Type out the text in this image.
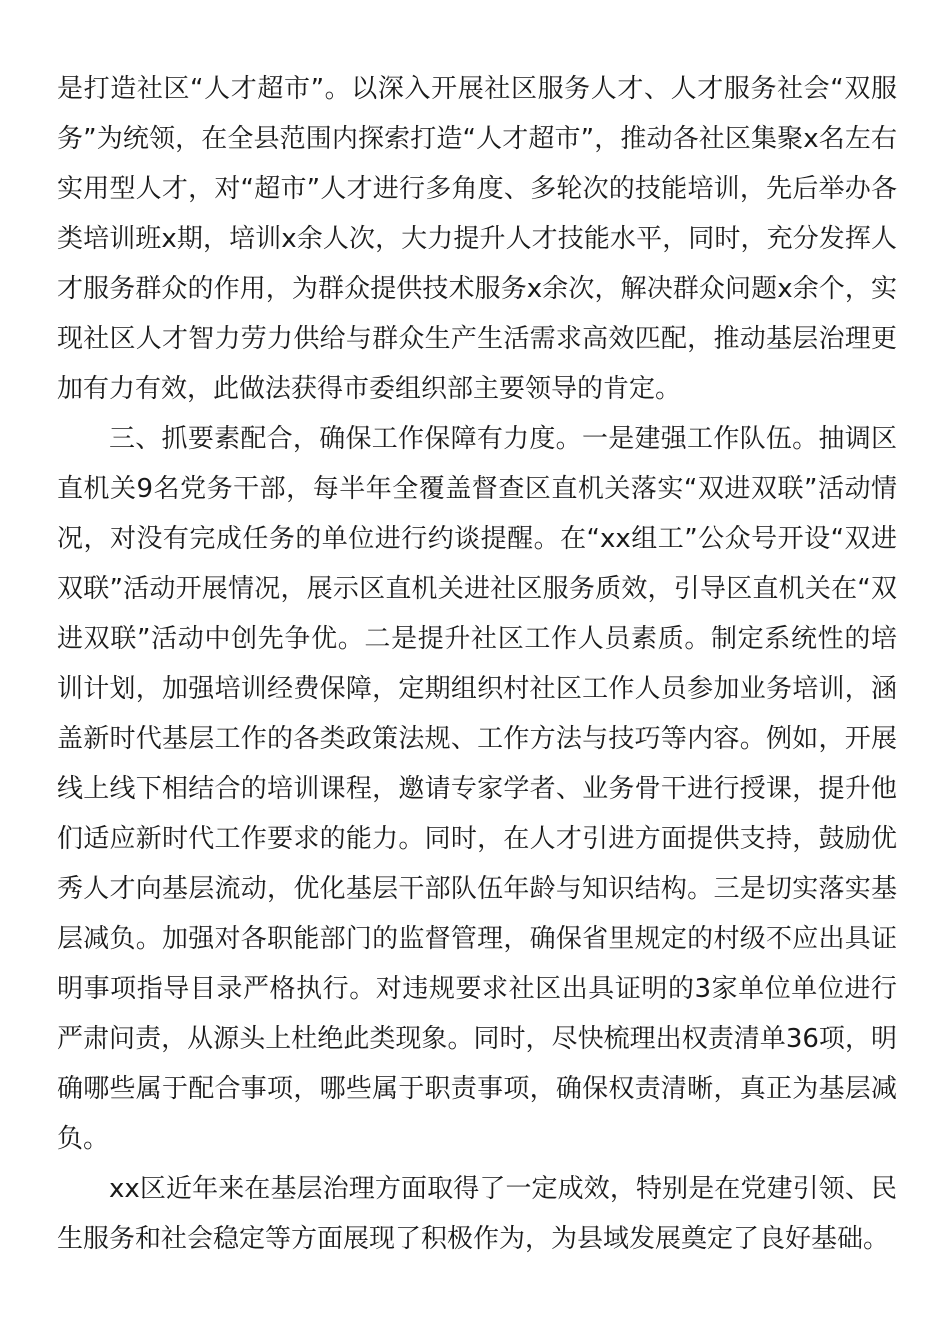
是打造社区“人才超市”。以深入开展社区服务人才、人才服务社会“双服务”为统领，在全县范围内探索打造“人才超市”，推动各社区集聚x名左右实用型人才，对“超市”人才进行多角度、多轮次的技能培训，先后举办各类培训班x期，培训x余人次，大力提升人才技能水平，同时，充分发挥人才服务群众的作用，为群众提供技术服务x余次，解决群众问题x余个，实现社区人才智力劳力供给与群众生产生活需求高效匹配，推动基层治理更加有力有效，此做法获得市委组织部主要领导的肯定。

三、抓要素配合，确保工作保障有力度。一是建强工作队伍。抽调区直机关9名党务干部，每半年全覆盖督查区直机关落实“双进双联”活动情况，对没有完成任务的单位进行约谈提醒。在“xx组工”公众号开设“双进双联”活动开展情况，展示区直机关进社区服务质效，引导区直机关在“双进双联”活动中创先争优。二是提升社区工作人员素质。制定系统性的培训计划，加强培训经费保障，定期组织村社区工作人员参加业务培训，涵盖新时代基层工作的各类政策法规、工作方法与技巧等内容。例如，开展线上线下相结合的培训课程，邀请专家学者、业务骨干进行授课，提升他们适应新时代工作要求的能力。同时，在人才引进方面提供支持，鼓励优秀人才向基层流动，优化基层干部队伍年龄与知识结构。三是切实落实基层减负。加强对各职能部门的监督管理，确保省里规定的村级不应出具证明事项指导目录严格执行。对违规要求社区出具证明的3家单位单位进行严肃问责，从源头上杜绝此类现象。同时，尽快梳理出权责清单36项，明确哪些属于配合事项，哪些属于职责事项，确保权责清晰，真正为基层减负。

xx区近年来在基层治理方面取得了一定成效，特别是在党建引领、民生服务和社会稳定等方面展现了积极作为，为县域发展奠定了良好基础。
